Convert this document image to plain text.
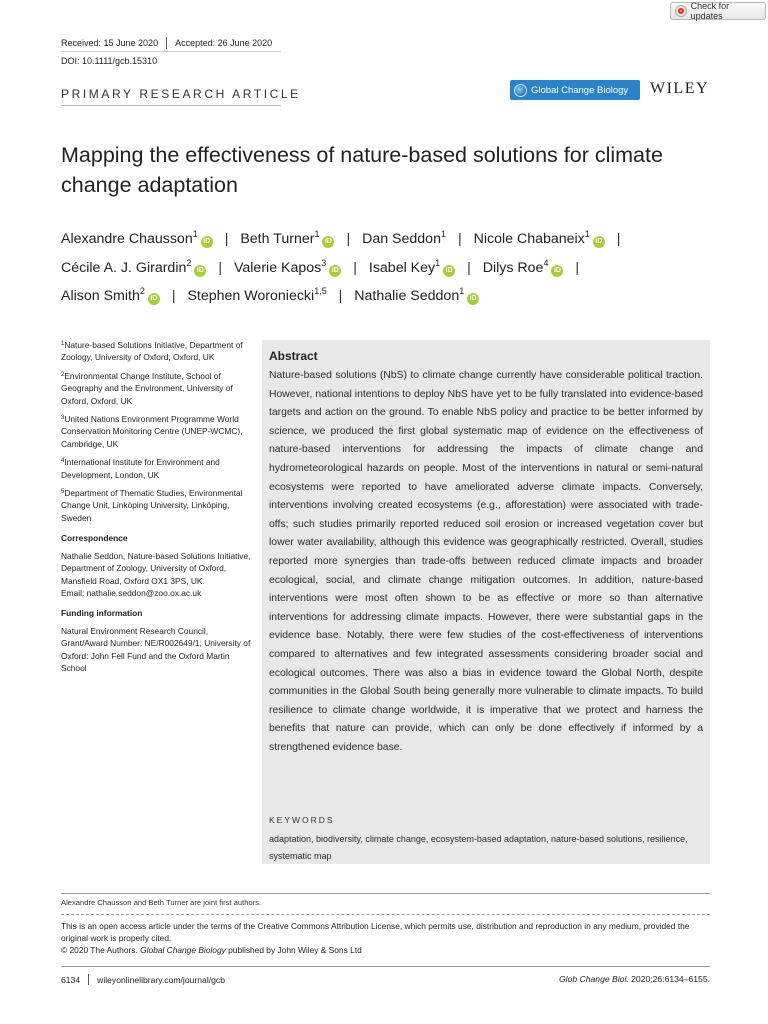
Check for updates
Received: 15 June 2020 Accepted: 26 June 2020
DOI: 10.1111/gcb.15310
PRIMARY RESEARCH ARTICLE	Global Change Biology WILEY
Mapping the effectiveness of nature-based solutions for climate change adaptation
Alexandre Chausson$^1$iD | Beth Turner$^1$iD | Dan Seddon$^1$ | Nicole Chabaneix$^1$iD |
Cécile A. J. Girardin$^2$iD | Valerie Kapos$^3$iD | Isabel Key$^1$iD | Dilys Roe$^4$iD |
Alison Smith$^2$iD | Stephen Woroniecki$^{1,5}$ | Nathalie Seddon$^1$iD

$^1$Nature-based Solutions Initiative, Department of Zoology, University of Oxford, Oxford, UK

$^2$Environmental Change Institute, School of Geography and the Environment, University of Oxford, Oxford, UK

$^3$United Nations Environment Programme World Conservation Monitoring Centre (UNEP-WCMC), Cambridge, UK

$^4$International Institute for Environment and Development, London, UK

$^5$Department of Thematic Studies, Environmental Change Unit, Linköping University, Linköping, Sweden

Correspondence

Nathalie Seddon, Nature-based Solutions Initiative, Department of Zoology, University of Oxford, Mansfield Road, Oxford OX1 3PS, UK.

Email: nathalie.seddon@zoo.ox.ac.uk

Funding information

Natural Environment Research Council, Grant/Award Number: NE/R002649/1; University of Oxford: John Fell Fund and the Oxford Martin School

Abstract
Nature-based solutions (NbS) to climate change currently have considerable political traction. However, national intentions to deploy NbS have yet to be fully translated into evidence-based targets and action on the ground. To enable NbS policy and practice to be better informed by science, we produced the first global systematic map of evidence on the effectiveness of nature-based interventions for addressing the impacts of climate change and hydrometeorological hazards on people. Most of the interventions in natural or semi-natural ecosystems were reported to have ameliorated adverse climate impacts. Conversely, interventions involving created ecosystems (e.g., afforestation) were associated with trade-offs; such studies primarily reported reduced soil erosion or increased vegetation cover but lower water availability, although this evidence was geographically restricted. Overall, studies reported more synergies than trade-offs between reduced climate impacts and broader ecological, social, and climate change mitigation outcomes. In addition, nature-based interventions were most often shown to be as effective or more so than alternative interventions for addressing climate impacts. However, there were substantial gaps in the evidence base. Notably, there were few studies of the cost-effectiveness of interventions compared to alternatives and few integrated assessments considering broader social and ecological outcomes. There was also a bias in evidence toward the Global North, despite communities in the Global South being generally more vulnerable to climate impacts. To build resilience to climate change worldwide, it is imperative that we protect and harness the benefits that nature can provide, which can only be done effectively if informed by a strengthened evidence base.
KEYWORDS
adaptation, biodiversity, climate change, ecosystem-based adaptation, nature-based solutions, resilience, systematic map
Alexandre Chausson and Beth Turner are joint first authors.
This is an open access article under the terms of the Creative Commons Attribution License, which permits use, distribution and reproduction in any medium, provided the original work is properly cited.
© 2020 The Authors. Global Change Biology published by John Wiley & Sons Ltd
6134 wileyonlinelibrary.com/journal/gcb	Glob Change Biol. 2020;26:6134–6155.
